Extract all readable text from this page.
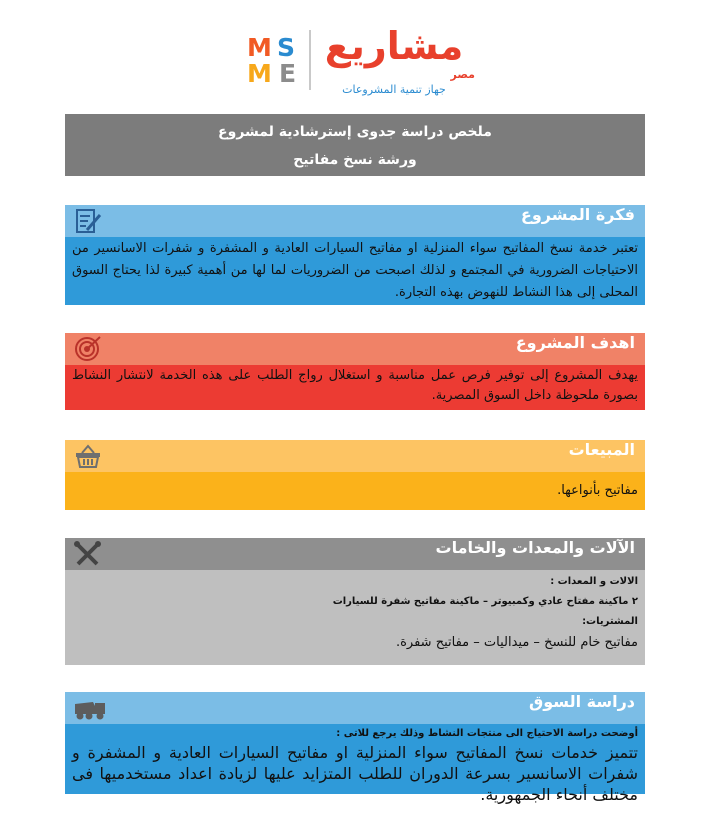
M S
M E
مشاريع
مصر
جهاز تنمية المشروعات
ملخص دراسة جدوى إسترشادية لمشروع
ورشة نسخ مفاتيح
فكرة المشروع

تعتبر خدمة نسخ المفاتيح سواء المنزلية او مفاتيح السيارات العادية و المشفرة و شفرات الاسانسير من الاحتياجات الضرورية في المجتمع و لذلك اصبحت من الضروريات لما لها من أهمية كبيرة لذا يحتاج السوق المحلى إلى هذا النشاط للنهوض بهذه التجارة.

اهدف المشروع

يهدف المشروع إلى توفير فرص عمل مناسبة و استغلال رواج الطلب على هذه الخدمة لانتشار النشاط بصورة ملحوظة داخل السوق المصرية.

المبيعات

مفاتيح بأنواعها.

الآلات والمعدات والخامات

الالات و المعدات :

٢ ماكينة مفتاح عادي وكمبيوتر – ماكينة مفاتيح شفرة للسيارات

المشتريات:

مفاتيح خام للنسخ – ميداليات – مفاتيح شفرة.

دراسة السوق

أوضحت دراسة الاحتياج الى منتجات النشاط وذلك يرجع للاتى :

تتميز خدمات نسخ المفاتيح سواء المنزلية او مفاتيح السيارات العادية و المشفرة و شفرات الاسانسير بسرعة الدوران للطلب المتزايد عليها لزيادة اعداد مستخدميها فى مختلف أنحاء الجمهورية.
